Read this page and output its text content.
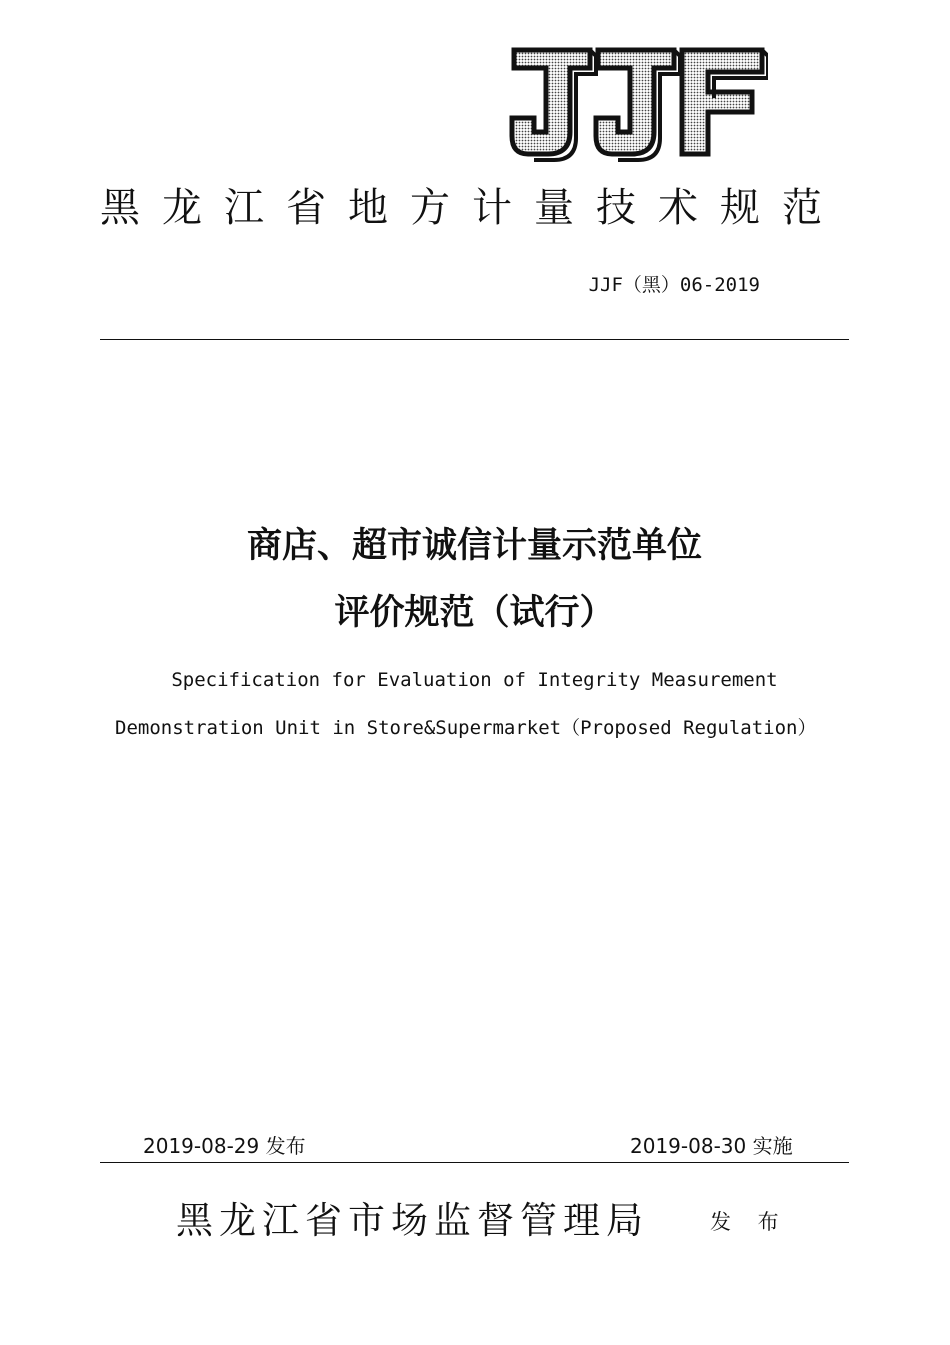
黑龙江省地方计量技术规范
JJF（黑）06-2019
商店、超市诚信计量示范单位
评价规范（试行）
Specification for Evaluation of Integrity Measurement
Demonstration Unit in Store&Supermarket（Proposed Regulation）
2019-08-29 发布	2019-08-30 实施
黑龙江省市场监督管理局	发 布
